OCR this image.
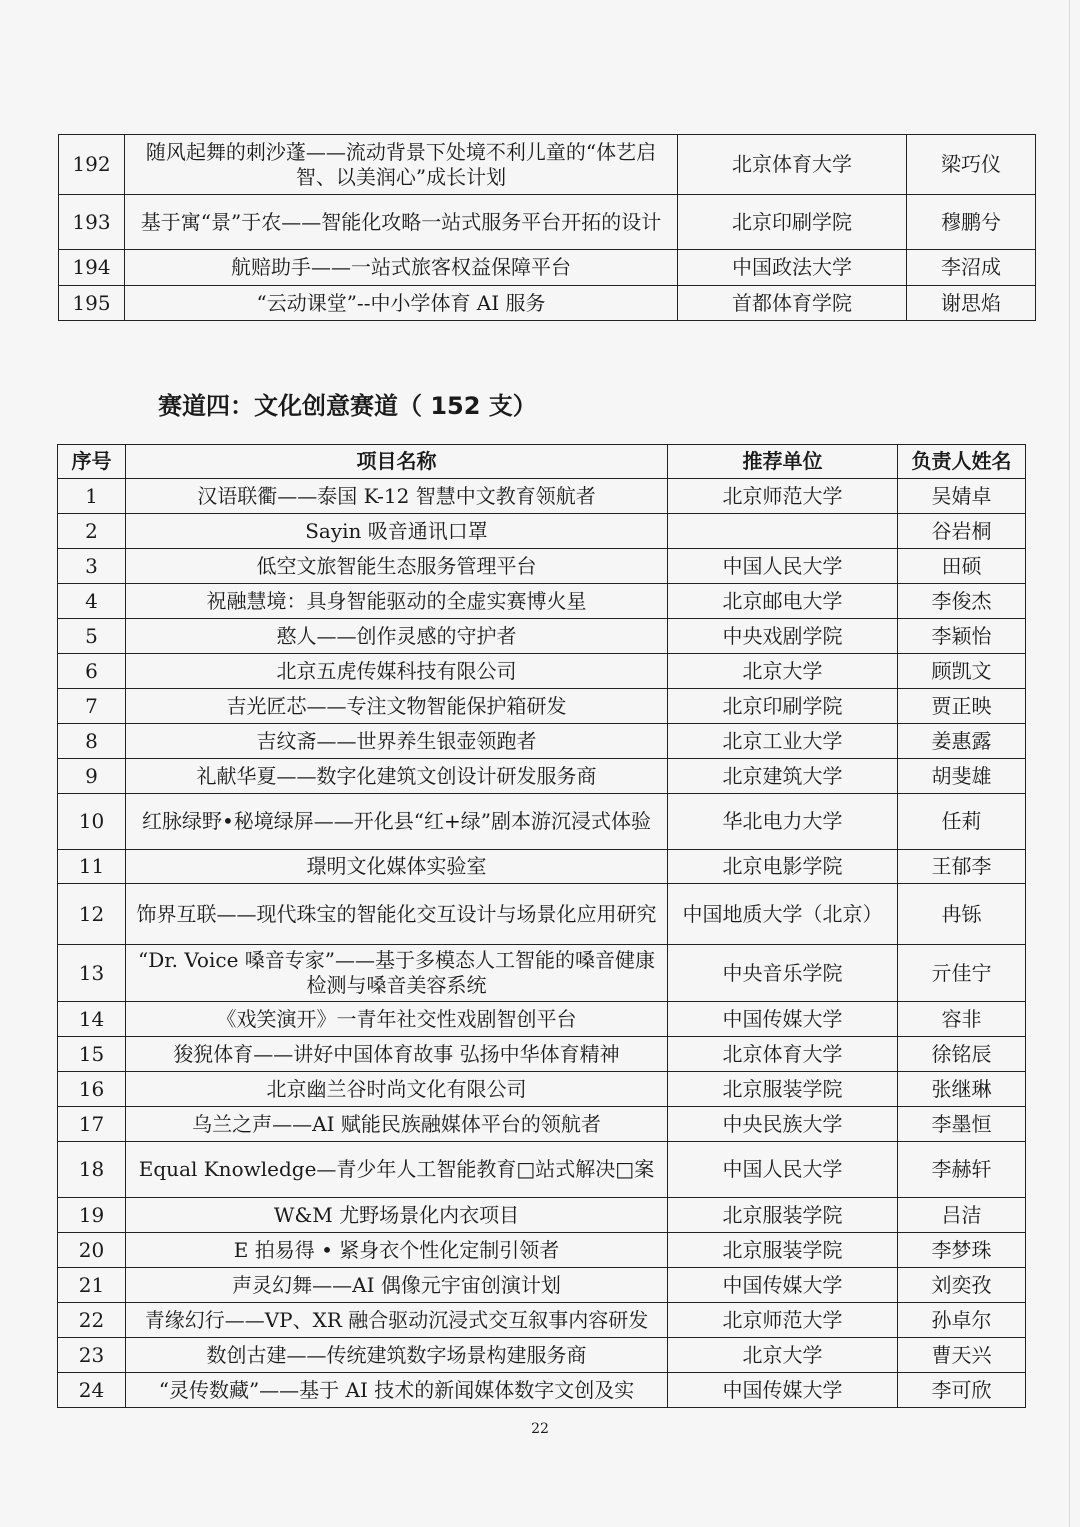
192	随风起舞的刺沙蓬——流动背景下处境不利儿童的“体艺启智、以美润心”成长计划	北京体育大学	梁巧仪
193	基于寓“景”于农——智能化攻略一站式服务平台开拓的设计	北京印刷学院	穆鹏兮
194	航赔助手——一站式旅客权益保障平台	中国政法大学	李沼成
195	“云动课堂”--中小学体育 AI 服务	首都体育学院	谢思焰
赛道四：文化创意赛道（ 152 支）
序号	项目名称	推荐单位	负责人姓名
1	汉语联衢——泰国 K-12 智慧中文教育领航者	北京师范大学	吴婧卓
2	Sayin 吸音通讯口罩		谷岩桐
3	低空文旅智能生态服务管理平台	中国人民大学	田硕
4	祝融慧境：具身智能驱动的全虚实赛博火星	北京邮电大学	李俊杰
5	憨人——创作灵感的守护者	中央戏剧学院	李颖怡
6	北京五虎传媒科技有限公司	北京大学	顾凯文
7	吉光匠芯——专注文物智能保护箱研发	北京印刷学院	贾正映
8	吉纹斋——世界养生银壶领跑者	北京工业大学	姜惠露
9	礼献华夏——数字化建筑文创设计研发服务商	北京建筑大学	胡斐雄
10	红脉绿野•秘境绿屏——开化县“红+绿”剧本游沉浸式体验	华北电力大学	任莉
11	璟明文化媒体实验室	北京电影学院	王郁李
12	饰界互联——现代珠宝的智能化交互设计与场景化应用研究	中国地质大学（北京）	冉铄
13	“Dr. Voice 嗓音专家”——基于多模态人工智能的嗓音健康检测与嗓音美容系统	中央音乐学院	亓佳宁
14	《戏笑演开》一青年社交性戏剧智创平台	中国传媒大学	容非
15	狻猊体育——讲好中国体育故事 弘扬中华体育精神	北京体育大学	徐铭辰
16	北京幽兰谷时尚文化有限公司	北京服装学院	张继琳
17	乌兰之声——AI 赋能民族融媒体平台的领航者	中央民族大学	李墨恒
18	Equal Knowledge—青少年人工智能教育□站式解决□案	中国人民大学	李赫轩
19	W&M 尤野场景化内衣项目	北京服装学院	吕洁
20	E 拍易得 • 紧身衣个性化定制引领者	北京服装学院	李梦珠
21	声灵幻舞——AI 偶像元宇宙创演计划	中国传媒大学	刘奕孜
22	青缘幻行——VP、XR 融合驱动沉浸式交互叙事内容研发	北京师范大学	孙卓尔
23	数创古建——传统建筑数字场景构建服务商	北京大学	曹天兴
24	“灵传数藏”——基于 AI 技术的新闻媒体数字文创及实	中国传媒大学	李可欣
22
